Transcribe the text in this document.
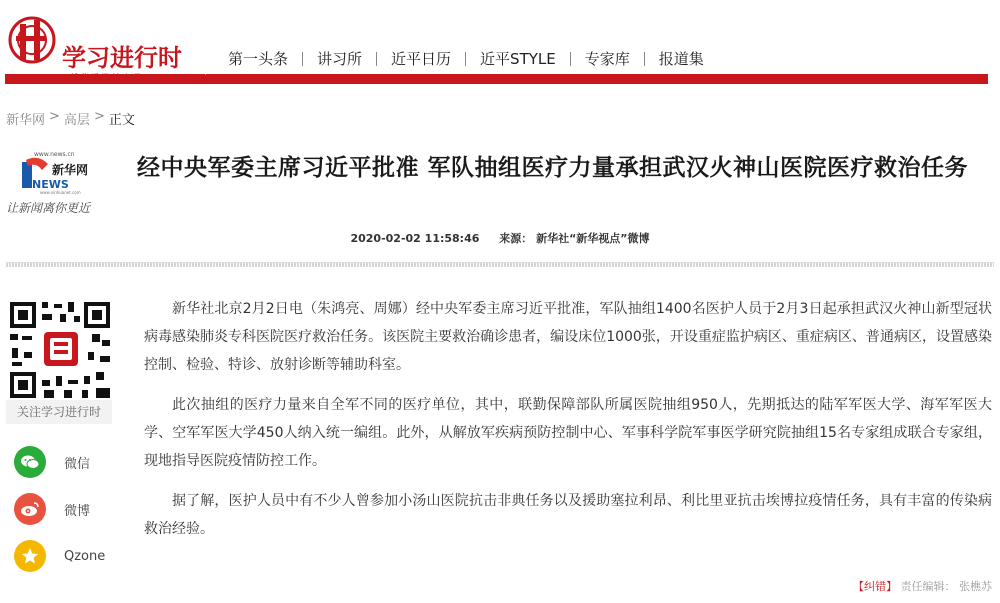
学习进行时	第一头条	讲习所	近平日历	近平STYLE	专家库	报道集
新华网 > 高层 > 正文
www.news.cn
新华网
NEWS
www.xinhuanet.com
让新闻离你更近
经中央军委主席习近平批准 军队抽组医疗力量承担武汉火神山医院医疗救治任务
2020-02-02 11:58:46 来源： 新华社“新华视点”微博
关注学习进行时
微信
微博
Qzone

新华社北京2月2日电（朱鸿亮、周娜）经中央军委主席习近平批准，军队抽组1400名医护人员于2月3日起承担武汉火神山新型冠状病毒感染肺炎专科医院医疗救治任务。该医院主要救治确诊患者，编设床位1000张，开设重症监护病区、重症病区、普通病区，设置感染控制、检验、特诊、放射诊断等辅助科室。

此次抽组的医疗力量来自全军不同的医疗单位，其中，联勤保障部队所属医院抽组950人，先期抵达的陆军军医大学、海军军医大学、空军军医大学450人纳入统一编组。此外，从解放军疾病预防控制中心、军事科学院军事医学研究院抽组15名专家组成联合专家组，现地指导医院疫情防控工作。

据了解，医护人员中有不少人曾参加小汤山医院抗击非典任务以及援助塞拉利昂、利比里亚抗击埃博拉疫情任务，具有丰富的传染病救治经验。

【纠错】 责任编辑： 张樵苏
